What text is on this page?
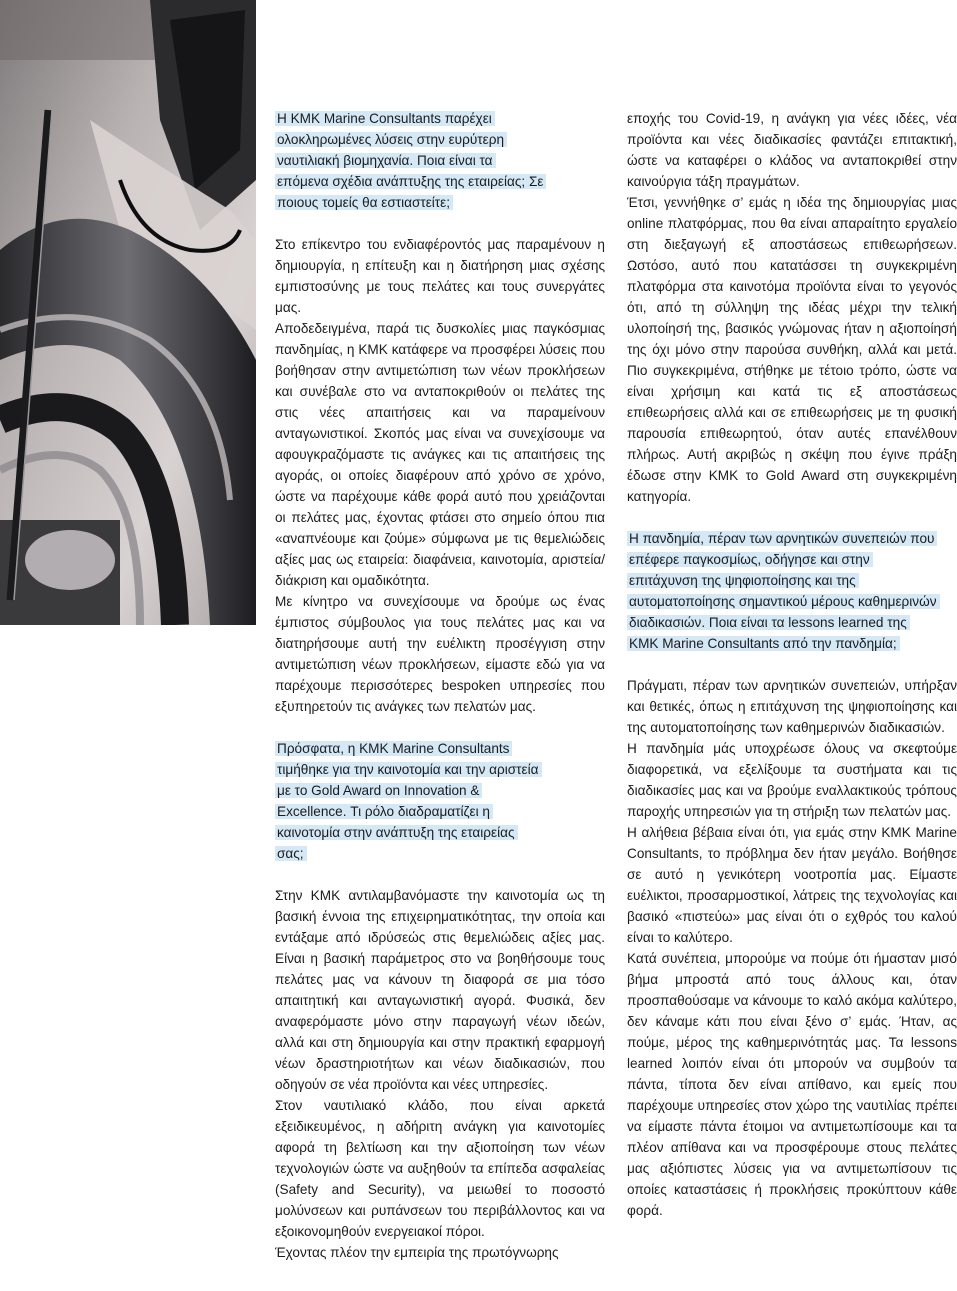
Η KMK Marine Consultants παρέχει ολοκληρωμένες λύσεις στην ευρύτερη ναυτιλιακή βιομηχανία. Ποια είναι τα επόμενα σχέδια ανάπτυξης της εταιρείας; Σε ποιους τομείς θα εστιαστείτε;

Στο επίκεντρο του ενδιαφέροντός μας παραμένουν η δημιουργία, η επίτευξη και η διατήρηση μιας σχέσης εμπιστοσύνης με τους πελάτες και τους συνεργάτες μας.

Αποδεδειγμένα, παρά τις δυσκολίες μιας παγκόσμιας πανδημίας, η KMK κατάφερε να προσφέρει λύσεις που βοήθησαν στην αντιμετώπιση των νέων προκλήσεων και συνέβαλε στο να ανταποκριθούν οι πελάτες της στις νέες απαιτήσεις και να παραμείνουν ανταγωνιστικοί. Σκοπός μας είναι να συνεχίσουμε να αφουγκραζόμαστε τις ανάγκες και τις απαιτήσεις της αγοράς, οι οποίες διαφέρουν από χρόνο σε χρόνο, ώστε να παρέχουμε κάθε φορά αυτό που χρειάζονται οι πελάτες μας, έχοντας φτάσει στο σημείο όπου πια «αναπνέουμε και ζούμε» σύμφωνα με τις θεμελιώδεις αξίες μας ως εταιρεία: διαφάνεια, καινοτομία, αριστεία/διάκριση και ομαδικότητα.

Με κίνητρο να συνεχίσουμε να δρούμε ως ένας έμπιστος σύμβουλος για τους πελάτες μας και να διατηρήσουμε αυτή την ευέλικτη προσέγγιση στην αντιμετώπιση νέων προκλήσεων, είμαστε εδώ για να παρέχουμε περισσότερες bespoken υπηρεσίες που εξυπηρετούν τις ανάγκες των πελατών μας.

Πρόσφατα, η KMK Marine Consultants τιμήθηκε για την καινοτομία και την αριστεία με το Gold Award on Innovation & Excellence. Τι ρόλο διαδραματίζει η καινοτομία στην ανάπτυξη της εταιρείας σας;

Στην KMK αντιλαμβανόμαστε την καινοτομία ως τη βασική έννοια της επιχειρηματικότητας, την οποία και εντάξαμε από ιδρύσεώς στις θεμελιώδεις αξίες μας. Είναι η βασική παράμετρος στο να βοηθήσουμε τους πελάτες μας να κάνουν τη διαφορά σε μια τόσο απαιτητική και ανταγωνιστική αγορά. Φυσικά, δεν αναφερόμαστε μόνο στην παραγωγή νέων ιδεών, αλλά και στη δημιουργία και στην πρακτική εφαρμογή νέων δραστηριοτήτων και νέων διαδικασιών, που οδηγούν σε νέα προϊόντα και νέες υπηρεσίες.

Στον ναυτιλιακό κλάδο, που είναι αρκετά εξειδικευμένος, η αδήριτη ανάγκη για καινοτομίες αφορά τη βελτίωση και την αξιοποίηση των νέων τεχνολογιών ώστε να αυξηθούν τα επίπεδα ασφαλείας (Safety and Security), να μειωθεί το ποσοστό μολύνσεων και ρυπάνσεων του περιβάλλοντος και να εξοικονομηθούν ενεργειακοί πόροι.

Έχοντας πλέον την εμπειρία της πρωτόγνωρης

εποχής του Covid-19, η ανάγκη για νέες ιδέες, νέα προϊόντα και νέες διαδικασίες φαντάζει επιτακτική, ώστε να καταφέρει ο κλάδος να ανταποκριθεί στην καινούργια τάξη πραγμάτων.

Έτσι, γεννήθηκε σ’ εμάς η ιδέα της δημιουργίας μιας online πλατφόρμας, που θα είναι απαραίτητο εργαλείο στη διεξαγωγή εξ αποστάσεως επιθεωρήσεων. Ωστόσο, αυτό που κατατάσσει τη συγκεκριμένη πλατφόρμα στα καινοτόμα προϊόντα είναι το γεγονός ότι, από τη σύλληψη της ιδέας μέχρι την τελική υλοποίησή της, βασικός γνώμονας ήταν η αξιοποίησή της όχι μόνο στην παρούσα συνθήκη, αλλά και μετά. Πιο συγκεκριμένα, στήθηκε με τέτοιο τρόπο, ώστε να είναι χρήσιμη και κατά τις εξ αποστάσεως επιθεωρήσεις αλλά και σε επιθεωρήσεις με τη φυσική παρουσία επιθεωρητού, όταν αυτές επανέλθουν πλήρως. Αυτή ακριβώς η σκέψη που έγινε πράξη έδωσε στην KMK το Gold Award στη συγκεκριμένη κατηγορία.

Η πανδημία, πέραν των αρνητικών συνεπειών που επέφερε παγκοσμίως, οδήγησε και στην επιτάχυνση της ψηφιοποίησης και της αυτοματοποίησης σημαντικού μέρους καθημερινών διαδικασιών. Ποια είναι τα lessons learned της KMK Marine Consultants από την πανδημία;

Πράγματι, πέραν των αρνητικών συνεπειών, υπήρξαν και θετικές, όπως η επιτάχυνση της ψηφιοποίησης και της αυτοματοποίησης των καθημερινών διαδικασιών.

Η πανδημία μάς υποχρέωσε όλους να σκεφτούμε διαφορετικά, να εξελίξουμε τα συστήματα και τις διαδικασίες μας και να βρούμε εναλλακτικούς τρόπους παροχής υπηρεσιών για τη στήριξη των πελατών μας.

Η αλήθεια βέβαια είναι ότι, για εμάς στην KMK Marine Consultants, το πρόβλημα δεν ήταν μεγάλο. Βοήθησε σε αυτό η γενικότερη νοοτροπία μας. Είμαστε ευέλικτοι, προσαρμοστικοί, λάτρεις της τεχνολογίας και βασικό «πιστεύω» μας είναι ότι ο εχθρός του καλού είναι το καλύτερο.

Κατά συνέπεια, μπορούμε να πούμε ότι ήμασταν μισό βήμα μπροστά από τους άλλους και, όταν προσπαθούσαμε να κάνουμε το καλό ακόμα καλύτερο, δεν κάναμε κάτι που είναι ξένο σ’ εμάς. Ήταν, ας πούμε, μέρος της καθημερινότητάς μας. Τα lessons learned λοιπόν είναι ότι μπορούν να συμβούν τα πάντα, τίποτα δεν είναι απίθανο, και εμείς που παρέχουμε υπηρεσίες στον χώρο της ναυτιλίας πρέπει να είμαστε πάντα έτοιμοι να αντιμετωπίσουμε και τα πλέον απίθανα και να προσφέρουμε στους πελάτες μας αξιόπιστες λύσεις για να αντιμετωπίσουν τις οποίες καταστάσεις ή προκλήσεις προκύπτουν κάθε φορά.
